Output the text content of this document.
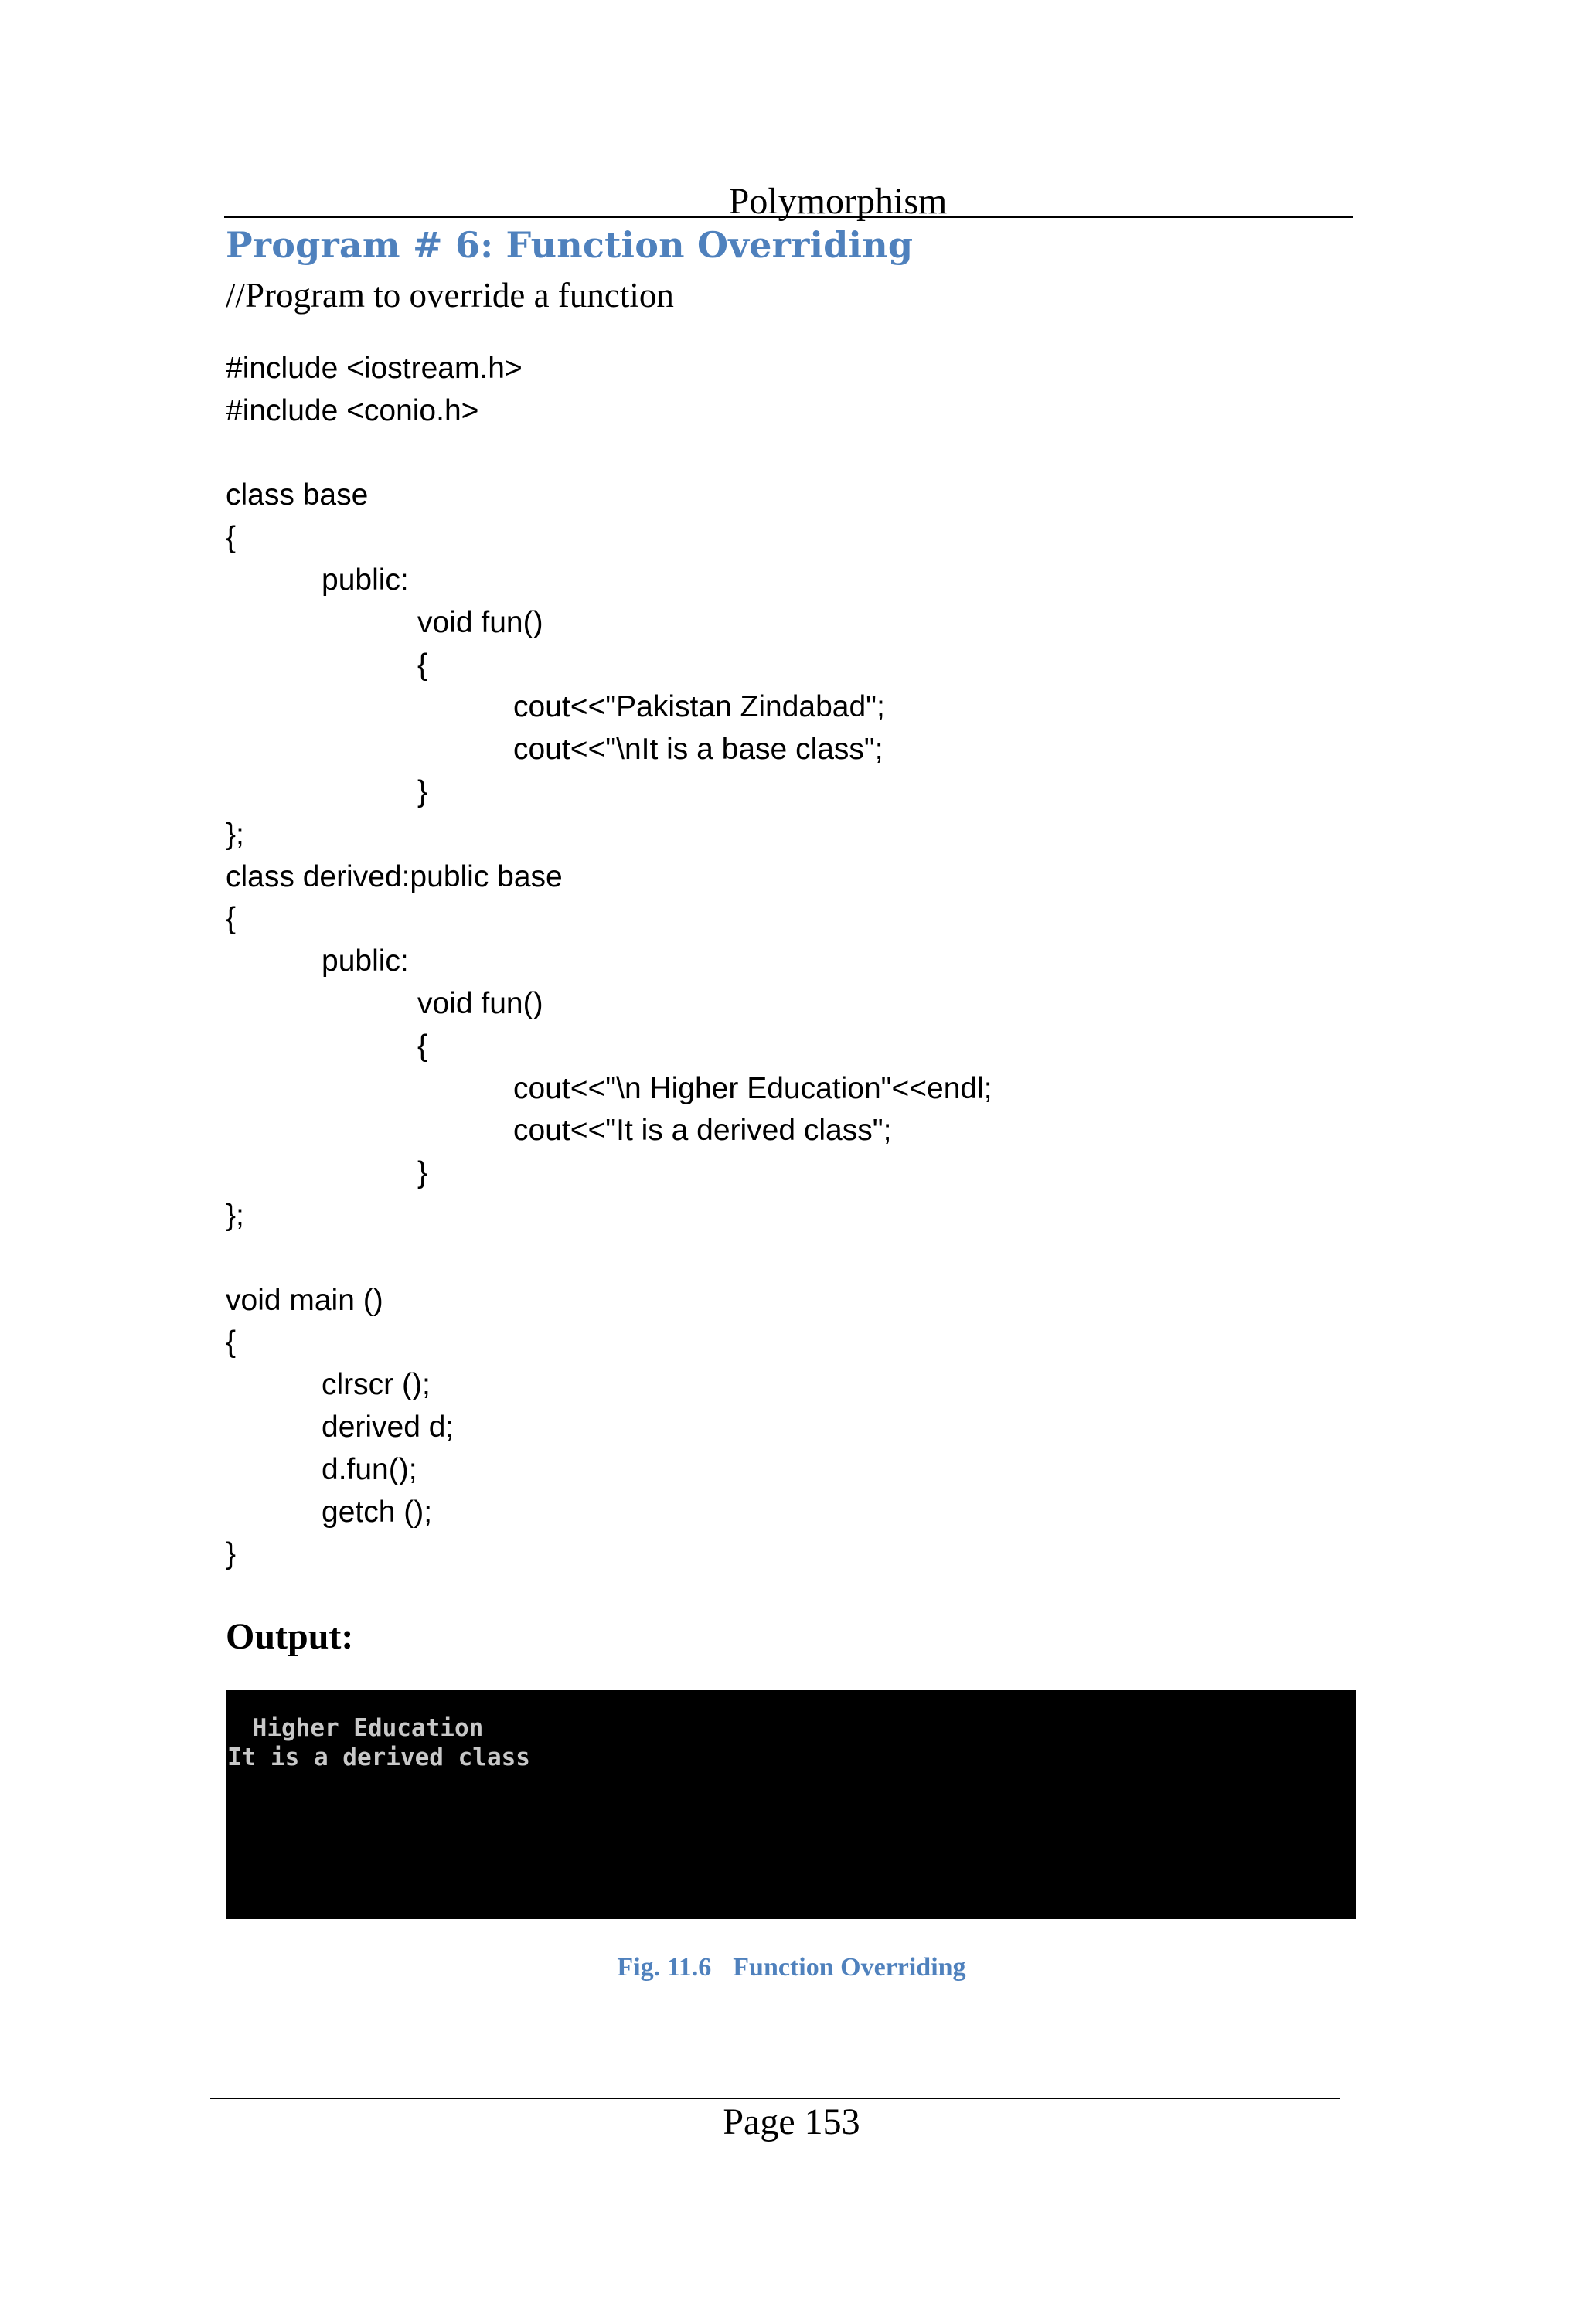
Polymorphism
Program # 6: Function Overriding
//Program to override a function
#include <iostream.h>
#include <conio.h>

class base
{
public:
void fun()
{
cout<<"Pakistan Zindabad";
cout<<"\nIt is a base class";
}
};
class derived:public base
{
public:
void fun()
{
cout<<"\n Higher Education"<<endl;
cout<<"It is a derived class";
}
};

void main ()
{
clrscr ();
derived d;
d.fun();
getch ();
}
Output:
Higher Education
It is a derived class
Fig. 11.6 Function Overriding
Page 153
